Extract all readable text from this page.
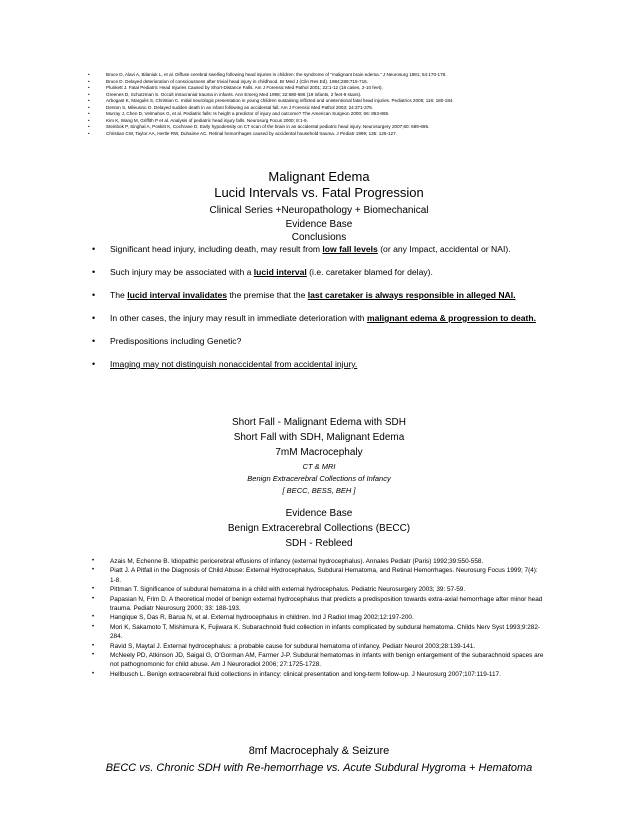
•	Bruce D, Alavi A, Bilaniuk L, et al. Diffuse cerebral swelling following head injuries in children: the syndrome of "malignant brain edema." J Neurosurg 1981; 54:170-178.
•	Bruce D. Delayed deterioration of consciousness after trivial head injury in childhood. Br Med J (Clin Res Ed). 1984;289:715-716.
•	Plunkett J. Fatal Pediatric Head Injuries Caused by Short-Distance Falls. Am J Forensic Med Pathol 2001; 22:1-12 (18 cases, 2-10 feet).
•	Greenes D, Schutzman S. Occult intracranial trauma in infants. Ann Emerg Med 1998; 32:680-686 (19 infants, 2 feet-9 stairs).
•	Arbogast K, Margulis S, Christian C. Initial neurologic presentation in young children sustaining inflicted and unintentional fatal head injuries. Pediatrics 2005; 116: 180-184.
•	Denton S, Mileusnic D. Delayed sudden death in an infant following an accidental fall. Am J Forensic Med Pathol 2003; 24:371-376.
•	Murray J, Chen D, Velmahos G, et al. Pediatric falls: Is height a predictor of injury and outcome? The American Surgeon 2000; 66: 863-865.
•	Kim K, Wang M, Griffith P et al. Analysis of pediatric head injury falls. Neurosurg Focus 2000; 8:1-9.
•	Steinbok P, Singhal A, Poskitt K, Cochrane D. Early hypodensity on CT scan of the brain in an accidental pediatric head injury. Neurosurgery 2007;60: 689-695.
•	Christian CW, Taylor AA, Hertle RW, Duhaime AC. Retinal hemorrhages caused by accidental household trauma. J Pediatr 1999; 135: 125-127.
Malignant Edema
Lucid Intervals vs. Fatal Progression
Clinical Series +Neuropathology + Biomechanical
Evidence Base
Conclusions
• Significant head injury, including death, may result from low fall levels (or any Impact, accidental or NAI).
• Such injury may be associated with a lucid interval (i.e. caretaker blamed for delay).
• The lucid interval invalidates the premise that the last caretaker is always responsible in alleged NAI.
• In other cases, the injury may result in immediate deterioration with malignant edema & progression to death.
• Predispositions including Genetic?
• Imaging may not distinguish nonaccidental from accidental injury.
Short Fall - Malignant Edema with SDH
Short Fall with SDH, Malignant Edema
7mM Macrocephaly
CT & MRI
Benign Extracerebral Collections of Infancy
[ BECC, BESS, BEH ]
Evidence Base
Benign Extracerebral Collections (BECC)
SDH - Rebleed
• Azais M, Echenne B. Idiopathic pericerebral effusions of infancy (external hydrocephalus). Annales Pediatr (Paris) 1992;39:550-558.
• Piatt J. A Pitfall in the Diagnosis of Child Abuse: External Hydrocephalus, Subdural Hematoma, and Retinal Hemorrhages. Neurosurg Focus 1999; 7(4): 1-8.
• Pittman T. Significance of subdural hematoma in a child with external hydrocephalus. Pediatric Neurosurgery 2003; 39: 57-59.
• Papasian N, Frim D. A theoretical model of benign external hydrocephalus that predicts a predisposition towards extra-axial hemorrhage after minor head trauma. Pediatr Neurosurg 2000; 33: 188-193.
• Hangique S, Das R, Barua N, et al. External hydrocephalus in children. Ind J Radiol Imag 2002;12:197-200.
• Mori K, Sakamoto T, Mishimura K, Fujiwara K. Subarachnoid fluid collection in infants complicated by subdural hematoma. Childs Nerv Syst 1993;9:282-284.
• Ravid S, Maytal J. External hydrocephalus: a probable cause for subdural hematoma of infancy. Pediatr Neurol 2003;28:139-141.
• McNeely PD, Atkinson JD, Saigal G, O'Gorman AM, Farmer J-P. Subdural hematomas in infants with benign enlargement of the subarachnoid spaces are not pathognomonic for child abuse. Am J Neuroradiol 2006; 27:1725-1728.
• Hellbusch L. Benign extracerebral fluid collections in infancy: clinical presentation and long-term follow-up. J Neurosurg 2007;107:119-117.
8mf Macrocephaly & Seizure
BECC vs. Chronic SDH with Re-hemorrhage vs. Acute Subdural Hygroma + Hematoma
